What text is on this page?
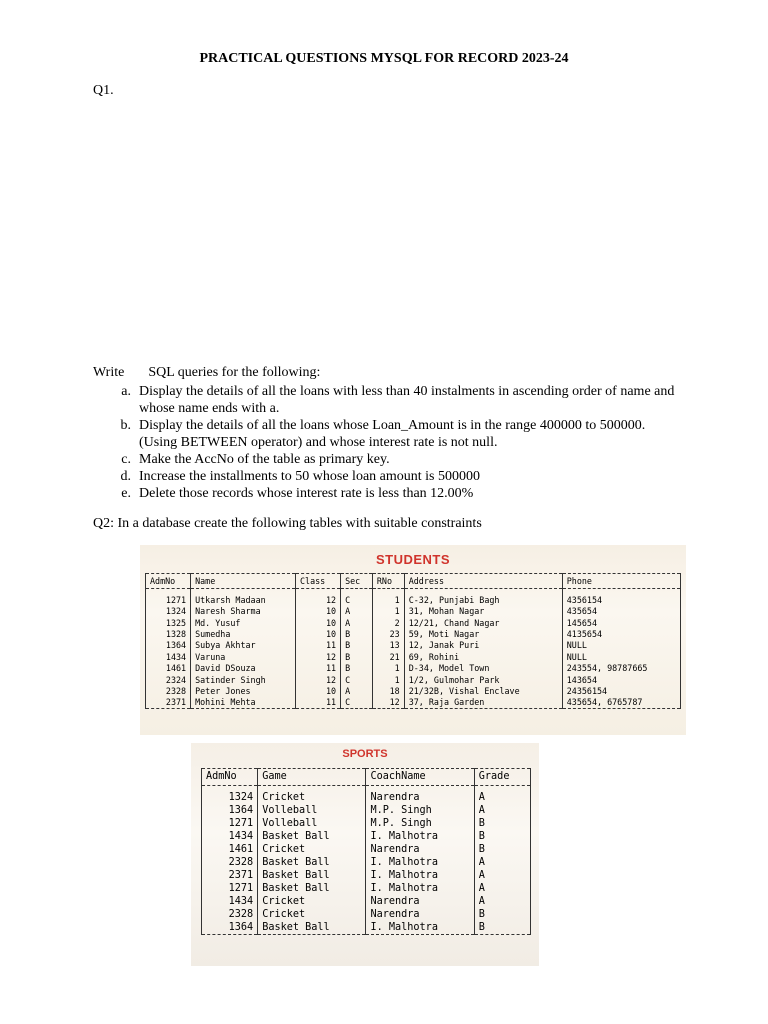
PRACTICAL QUESTIONS MYSQL FOR RECORD 2023-24
Q1.
Write SQL queries for the following:
a. Display the details of all the loans with less than 40 instalments in ascending order of name and whose name ends with a.
b. Display the details of all the loans whose Loan_Amount is in the range 400000 to 500000. (Using BETWEEN operator) and whose interest rate is not null.
c. Make the AccNo of the table as primary key.
d. Increase the installments to 50 whose loan amount is 500000
e. Delete those records whose interest rate is less than 12.00%
Q2: In a database create the following tables with suitable constraints
STUDENTS
AdmNo	Name	Class	Sec	RNo	Address	Phone
1271	Utkarsh Madaan	12	C	1	C-32, Punjabi Bagh	4356154
1324	Naresh Sharma	10	A	1	31, Mohan Nagar	435654
1325	Md. Yusuf	10	A	2	12/21, Chand Nagar	145654
1328	Sumedha	10	B	23	59, Moti Nagar	4135654
1364	Subya Akhtar	11	B	13	12, Janak Puri	NULL
1434	Varuna	12	B	21	69, Rohini	NULL
1461	David DSouza	11	B	1	D-34, Model Town	243554, 98787665
2324	Satinder Singh	12	C	1	1/2, Gulmohar Park	143654
2328	Peter Jones	10	A	18	21/32B, Vishal Enclave	24356154
2371	Mohini Mehta	11	C	12	37, Raja Garden	435654, 6765787
SPORTS
AdmNo	Game	CoachName	Grade
1324	Cricket	Narendra	A
1364	Volleball	M.P. Singh	A
1271	Volleball	M.P. Singh	B
1434	Basket Ball	I. Malhotra	B
1461	Cricket	Narendra	B
2328	Basket Ball	I. Malhotra	A
2371	Basket Ball	I. Malhotra	A
1271	Basket Ball	I. Malhotra	A
1434	Cricket	Narendra	A
2328	Cricket	Narendra	B
1364	Basket Ball	I. Malhotra	B
